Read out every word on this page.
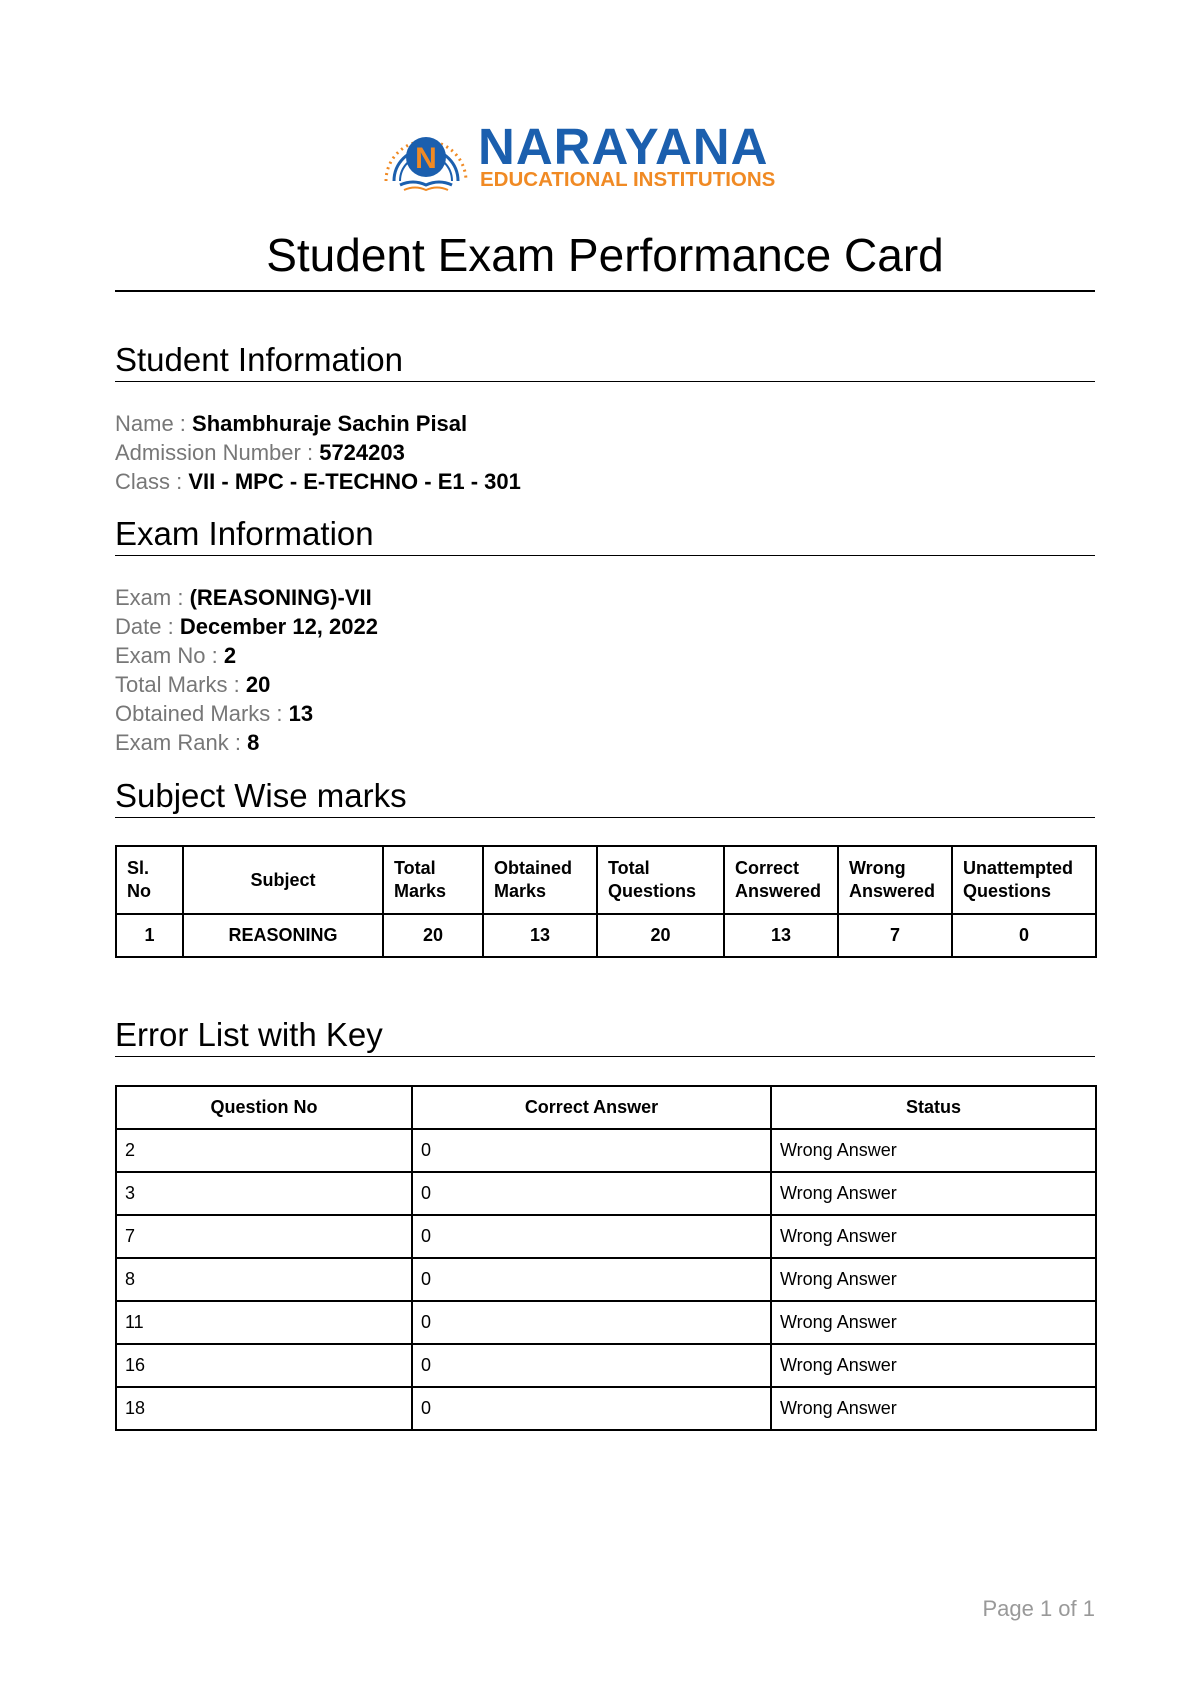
N NARAYANA
EDUCATIONAL INSTITUTIONS
Student Exam Performance Card
Student Information
Name : Shambhuraje Sachin Pisal
Admission Number : 5724203
Class : VII - MPC - E-TECHNO - E1 - 301
Exam Information
Exam : (REASONING)-VII
Date : December 12, 2022
Exam No : 2
Total Marks : 20
Obtained Marks : 13
Exam Rank : 8
Subject Wise marks
Sl. No	Subject	Total Marks	Obtained Marks	Total Questions	Correct Answered	Wrong Answered	Unattempted Questions
1	REASONING	20	13	20	13	7	0
Error List with Key
Question No	Correct Answer	Status
2	0	Wrong Answer
3	0	Wrong Answer
7	0	Wrong Answer
8	0	Wrong Answer
11	0	Wrong Answer
16	0	Wrong Answer
18	0	Wrong Answer
Page 1 of 1
